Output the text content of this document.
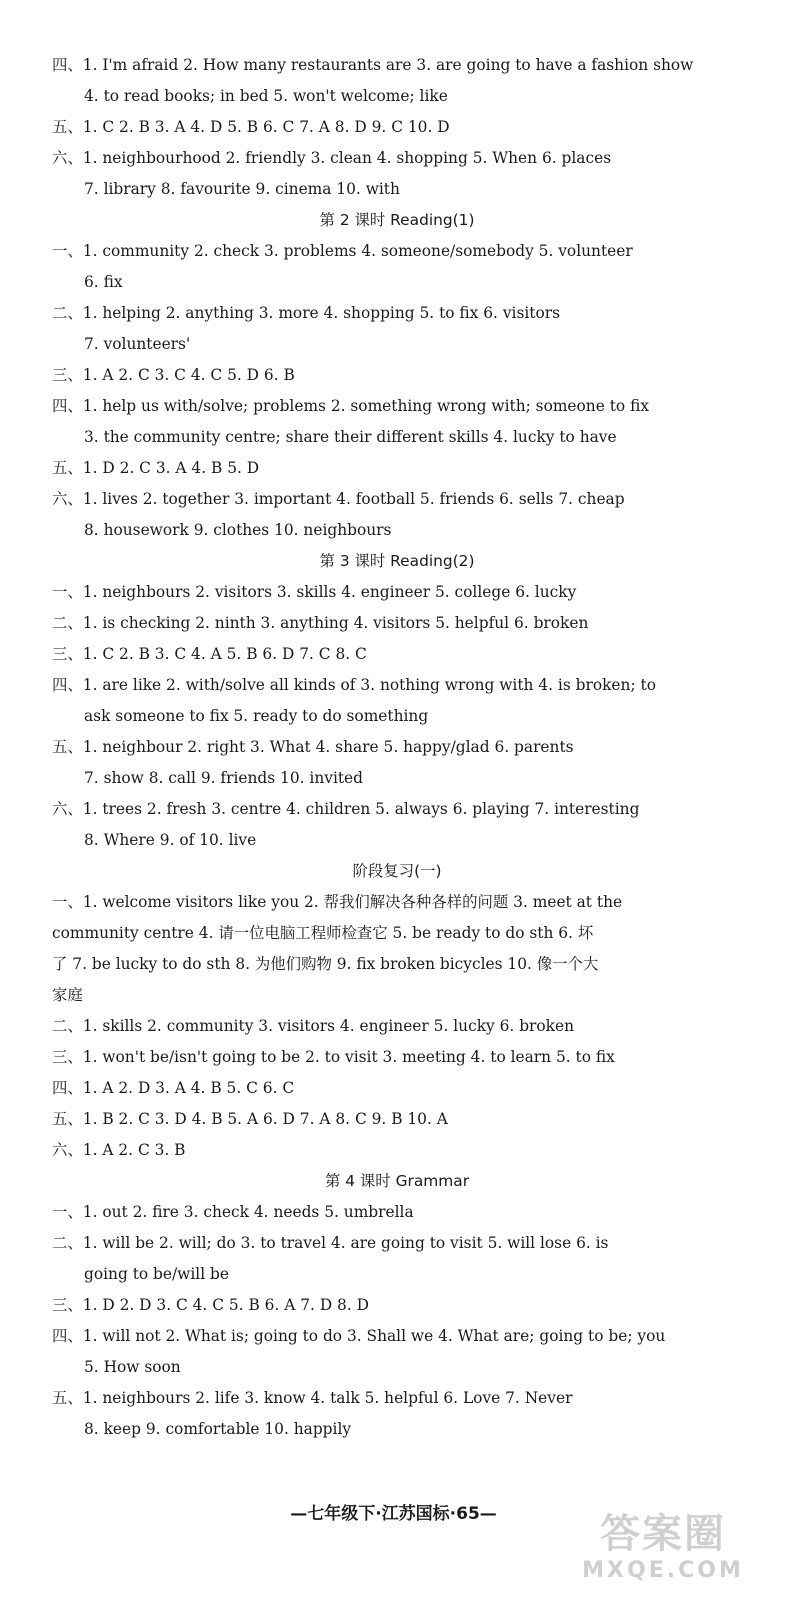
四、1. I'm afraid 2. How many restaurants are 3. are going to have a fashion show
4. to read books; in bed 5. won't welcome; like
五、1. C 2. B 3. A 4. D 5. B 6. C 7. A 8. D 9. C 10. D
六、1. neighbourhood 2. friendly 3. clean 4. shopping 5. When 6. places
7. library 8. favourite 9. cinema 10. with
第 2 课时 Reading(1)
一、1. community 2. check 3. problems 4. someone/somebody 5. volunteer
6. fix
二、1. helping 2. anything 3. more 4. shopping 5. to fix 6. visitors
7. volunteers'
三、1. A 2. C 3. C 4. C 5. D 6. B
四、1. help us with/solve; problems 2. something wrong with; someone to fix
3. the community centre; share their different skills 4. lucky to have
五、1. D 2. C 3. A 4. B 5. D
六、1. lives 2. together 3. important 4. football 5. friends 6. sells 7. cheap
8. housework 9. clothes 10. neighbours
第 3 课时 Reading(2)
一、1. neighbours 2. visitors 3. skills 4. engineer 5. college 6. lucky
二、1. is checking 2. ninth 3. anything 4. visitors 5. helpful 6. broken
三、1. C 2. B 3. C 4. A 5. B 6. D 7. C 8. C
四、1. are like 2. with/solve all kinds of 3. nothing wrong with 4. is broken; to
ask someone to fix 5. ready to do something
五、1. neighbour 2. right 3. What 4. share 5. happy/glad 6. parents
7. show 8. call 9. friends 10. invited
六、1. trees 2. fresh 3. centre 4. children 5. always 6. playing 7. interesting
8. Where 9. of 10. live
阶段复习(一)
一、1. welcome visitors like you 2. 帮我们解决各种各样的问题 3. meet at the
community centre 4. 请一位电脑工程师检查它 5. be ready to do sth 6. 坏
了 7. be lucky to do sth 8. 为他们购物 9. fix broken bicycles 10. 像一个大
家庭
二、1. skills 2. community 3. visitors 4. engineer 5. lucky 6. broken
三、1. won't be/isn't going to be 2. to visit 3. meeting 4. to learn 5. to fix
四、1. A 2. D 3. A 4. B 5. C 6. C
五、1. B 2. C 3. D 4. B 5. A 6. D 7. A 8. C 9. B 10. A
六、1. A 2. C 3. B
第 4 课时 Grammar
一、1. out 2. fire 3. check 4. needs 5. umbrella
二、1. will be 2. will; do 3. to travel 4. are going to visit 5. will lose 6. is
going to be/will be
三、1. D 2. D 3. C 4. C 5. B 6. A 7. D 8. D
四、1. will not 2. What is; going to do 3. Shall we 4. What are; going to be; you
5. How soon
五、1. neighbours 2. life 3. know 4. talk 5. helpful 6. Love 7. Never
8. keep 9. comfortable 10. happily
—七年级下·江苏国标·65—	答案圈
MXQE.COM
